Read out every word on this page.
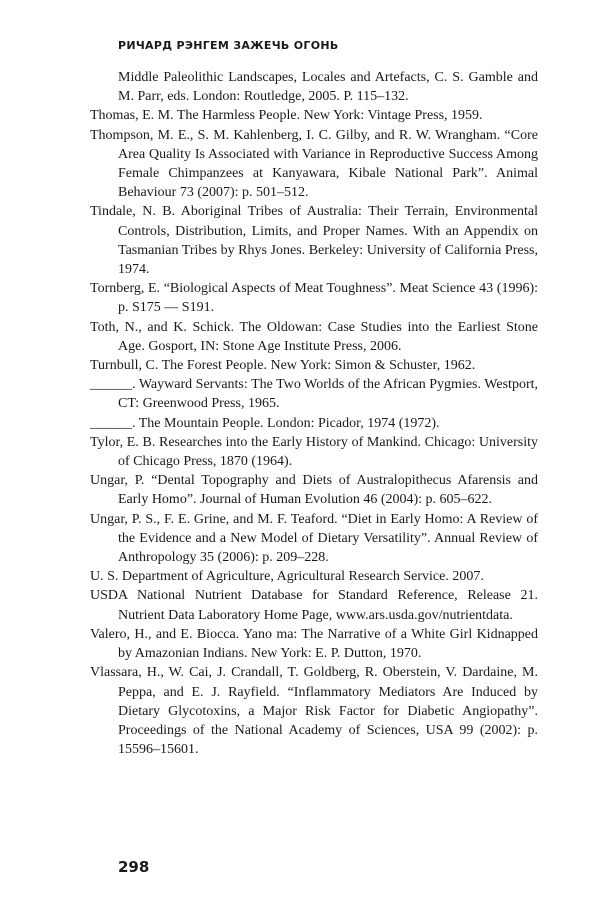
РИЧАРД РЭНГЕМ ЗАЖЕЧЬ ОГОНЬ

Middle Paleolithic Landscapes, Locales and Artefacts, C. S. Gamble and M. Parr, eds. London: Routledge, 2005. P. 115–132.

Thomas, E. M. The Harmless People. New York: Vintage Press, 1959.

Thompson, M. E., S. M. Kahlenberg, I. C. Gilby, and R. W. Wrangham. “Core Area Quality Is Associated with Variance in Reproductive Success Among Female Chimpanzees at Kanyawara, Kibale National Park”. Animal Behaviour 73 (2007): p. 501–512.

Tindale, N. B. Aboriginal Tribes of Australia: Their Terrain, Environmental Controls, Distribution, Limits, and Proper Names. With an Appendix on Tasmanian Tribes by Rhys Jones. Berkeley: University of California Press, 1974.

Tornberg, E. “Biological Aspects of Meat Toughness”. Meat Science 43 (1996): p. S175 — S191.

Toth, N., and K. Schick. The Oldowan: Case Studies into the Earliest Stone Age. Gosport, IN: Stone Age Institute Press, 2006.

Turnbull, C. The Forest People. New York: Simon & Schuster, 1962.

______. Wayward Servants: The Two Worlds of the African Pygmies. Westport, CT: Greenwood Press, 1965.

______. The Mountain People. London: Picador, 1974 (1972).

Tylor, E. B. Researches into the Early History of Mankind. Chicago: University of Chicago Press, 1870 (1964).

Ungar, P. “Dental Topography and Diets of Australopithecus Afarensis and Early Homo”. Journal of Human Evolution 46 (2004): p. 605–622.

Ungar, P. S., F. E. Grine, and M. F. Teaford. “Diet in Early Homo: A Review of the Evidence and a New Model of Dietary Versatility”. Annual Review of Anthropology 35 (2006): p. 209–228.

U. S. Department of Agriculture, Agricultural Research Service. 2007.

USDA National Nutrient Database for Standard Reference, Release 21. Nutrient Data Laboratory Home Page, www.ars.usda.gov/nutrientdata.

Valero, H., and E. Biocca. Yano ma: The Narrative of a White Girl Kidnapped by Amazonian Indians. New York: E. P. Dutton, 1970.

Vlassara, H., W. Cai, J. Crandall, T. Goldberg, R. Oberstein, V. Dardaine, M. Peppa, and E. J. Rayfield. “Inflammatory Mediators Are Induced by Dietary Glycotoxins, a Major Risk Factor for Diabetic Angiopathy”. Proceedings of the National Academy of Sciences, USA 99 (2002): p. 15596–15601.

298
